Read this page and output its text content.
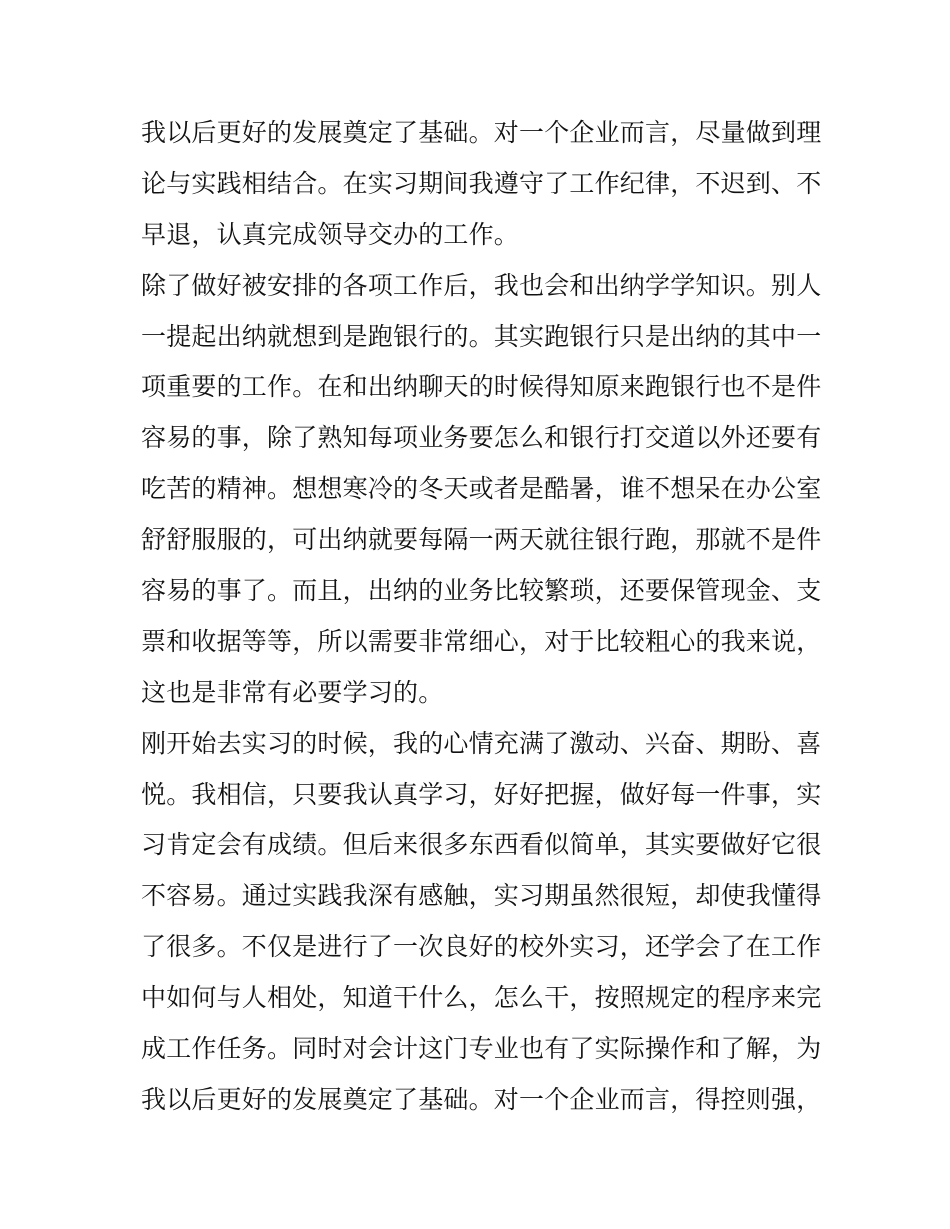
我以后更好的发展奠定了基础。对一个企业而言，尽量做到理
论与实践相结合。在实习期间我遵守了工作纪律，不迟到、不
早退，认真完成领导交办的工作。
除了做好被安排的各项工作后，我也会和出纳学学知识。别人
一提起出纳就想到是跑银行的。其实跑银行只是出纳的其中一
项重要的工作。在和出纳聊天的时候得知原来跑银行也不是件
容易的事，除了熟知每项业务要怎么和银行打交道以外还要有
吃苦的精神。想想寒冷的冬天或者是酷暑，谁不想呆在办公室
舒舒服服的，可出纳就要每隔一两天就往银行跑，那就不是件
容易的事了。而且，出纳的业务比较繁琐，还要保管现金、支
票和收据等等，所以需要非常细心，对于比较粗心的我来说，
这也是非常有必要学习的。
刚开始去实习的时候，我的心情充满了激动、兴奋、期盼、喜
悦。我相信，只要我认真学习，好好把握，做好每一件事，实
习肯定会有成绩。但后来很多东西看似简单，其实要做好它很
不容易。通过实践我深有感触，实习期虽然很短，却使我懂得
了很多。不仅是进行了一次良好的校外实习，还学会了在工作
中如何与人相处，知道干什么，怎么干，按照规定的程序来完
成工作任务。同时对会计这门专业也有了实际操作和了解，为
我以后更好的发展奠定了基础。对一个企业而言，得控则强，
